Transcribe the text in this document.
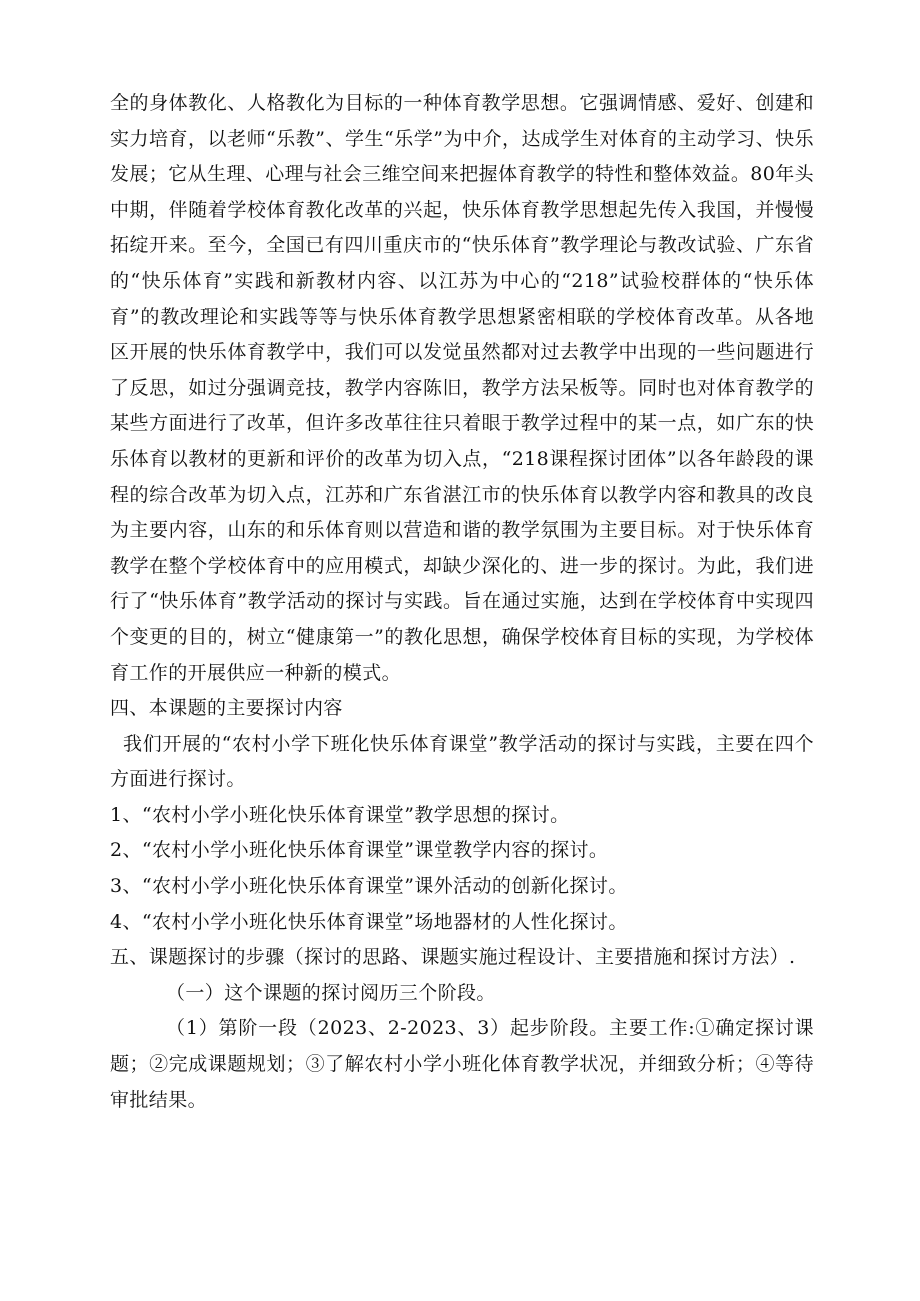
全的身体教化、人格教化为目标的一种体育教学思想。它强调情感、爱好、创建和实力培育，以老师“乐教”、学生“乐学”为中介，达成学生对体育的主动学习、快乐发展；它从生理、心理与社会三维空间来把握体育教学的特性和整体效益。80年头中期，伴随着学校体育教化改革的兴起，快乐体育教学思想起先传入我国，并慢慢拓绽开来。至今，全国已有四川重庆市的“快乐体育”教学理论与教改试验、广东省的“快乐体育”实践和新教材内容、以江苏为中心的“218”试验校群体的“快乐体育”的教改理论和实践等等与快乐体育教学思想紧密相联的学校体育改革。从各地区开展的快乐体育教学中，我们可以发觉虽然都对过去教学中出现的一些问题进行了反思，如过分强调竞技，教学内容陈旧，教学方法呆板等。同时也对体育教学的某些方面进行了改革，但许多改革往往只着眼于教学过程中的某一点，如广东的快乐体育以教材的更新和评价的改革为切入点，“218课程探讨团体”以各年龄段的课程的综合改革为切入点，江苏和广东省湛江市的快乐体育以教学内容和教具的改良为主要内容，山东的和乐体育则以营造和谐的教学氛围为主要目标。对于快乐体育教学在整个学校体育中的应用模式，却缺少深化的、进一步的探讨。为此，我们进行了“快乐体育”教学活动的探讨与实践。旨在通过实施，达到在学校体育中实现四个变更的目的，树立“健康第一”的教化思想，确保学校体育目标的实现，为学校体育工作的开展供应一种新的模式。

四、本课题的主要探讨内容

我们开展的“农村小学下班化快乐体育课堂”教学活动的探讨与实践，主要在四个方面进行探讨。

1、“农村小学小班化快乐体育课堂”教学思想的探讨。

2、“农村小学小班化快乐体育课堂”课堂教学内容的探讨。

3、“农村小学小班化快乐体育课堂”课外活动的创新化探讨。

4、“农村小学小班化快乐体育课堂”场地器材的人性化探讨。

五、课题探讨的步骤（探讨的思路、课题实施过程设计、主要措施和探讨方法）.

（一）这个课题的探讨阅历三个阶段。

（1）第阶一段（2023、2-2023、3）起步阶段。主要工作:①确定探讨课题；②完成课题规划；③了解农村小学小班化体育教学状况，并细致分析；④等待审批结果。
